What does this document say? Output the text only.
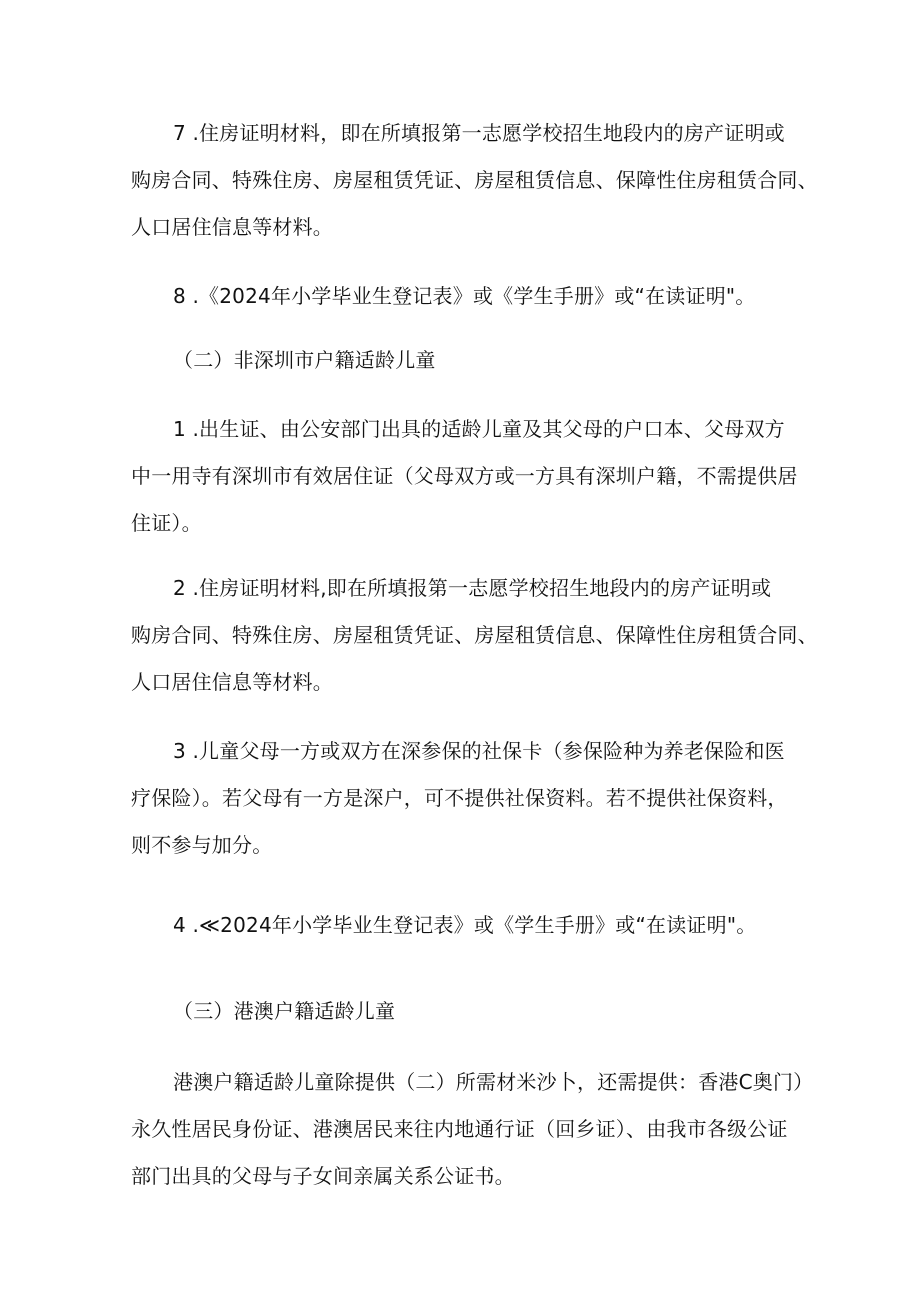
7 .住房证明材料，即在所填报第一志愿学校招生地段内的房产证明或
购房合同、特殊住房、房屋租赁凭证、房屋租赁信息、保障性住房租赁合同、
人口居住信息等材料。
8 .《2024年小学毕业生登记表》或《学生手册》或“在读证明"。
（二）非深圳市户籍适龄儿童
1 .出生证、由公安部门出具的适龄儿童及其父母的户口本、父母双方
中一用寺有深圳市有效居住证（父母双方或一方具有深圳户籍，不需提供居
住证）。
2 .住房证明材料,即在所填报第一志愿学校招生地段内的房产证明或
购房合同、特殊住房、房屋租赁凭证、房屋租赁信息、保障性住房租赁合同、
人口居住信息等材料。
3 .儿童父母一方或双方在深参保的社保卡（参保险种为养老保险和医
疗保险）。若父母有一方是深户，可不提供社保资料。若不提供社保资料，
则不参与加分。
4 .≪2024年小学毕业生登记表》或《学生手册》或“在读证明"。
（三）港澳户籍适龄儿童
港澳户籍适龄儿童除提供（二）所需材米沙卜，还需提供：香港C奥门）
永久性居民身份证、港澳居民来往内地通行证（回乡证）、由我市各级公证
部门出具的父母与子女间亲属关系公证书。
